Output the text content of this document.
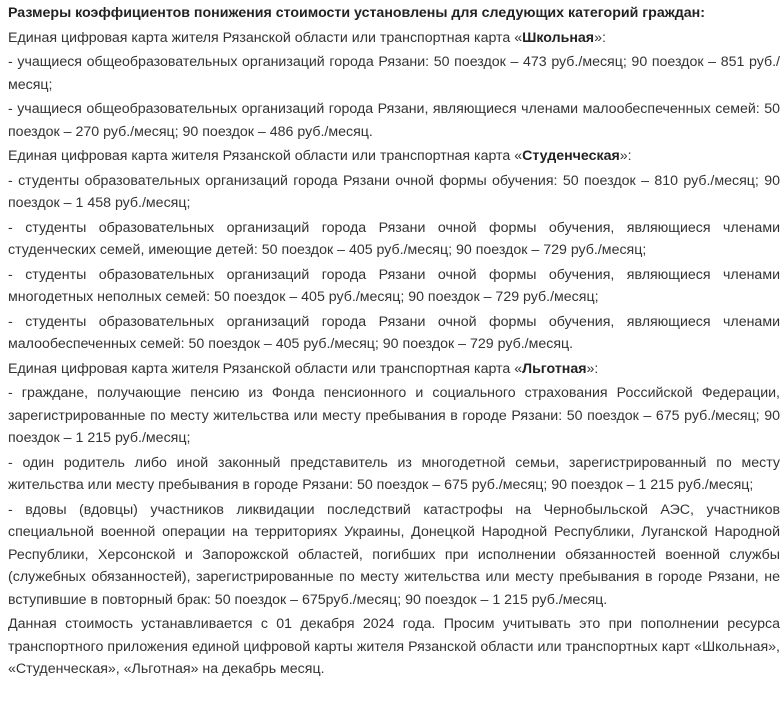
Размеры коэффициентов понижения стоимости установлены для следующих категорий граждан:

Единая цифровая карта жителя Рязанской области или транспортная карта «Школьная»:

- учащиеся общеобразовательных организаций города Рязани: 50 поездок – 473 руб./месяц; 90 поездок – 851 руб./месяц;

- учащиеся общеобразовательных организаций города Рязани, являющиеся членами малообеспеченных семей: 50 поездок – 270 руб./месяц; 90 поездок – 486 руб./месяц.

Единая цифровая карта жителя Рязанской области или транспортная карта «Студенческая»:

- студенты образовательных организаций города Рязани очной формы обучения: 50 поездок – 810 руб./месяц; 90 поездок – 1 458 руб./месяц;

- студенты образовательных организаций города Рязани очной формы обучения, являющиеся членами студенческих семей, имеющие детей: 50 поездок – 405 руб./месяц; 90 поездок – 729 руб./месяц;

- студенты образовательных организаций города Рязани очной формы обучения, являющиеся членами многодетных неполных семей: 50 поездок – 405 руб./месяц; 90 поездок – 729 руб./месяц;

- студенты образовательных организаций города Рязани очной формы обучения, являющиеся членами малообеспеченных семей: 50 поездок – 405 руб./месяц; 90 поездок – 729 руб./месяц.

Единая цифровая карта жителя Рязанской области или транспортная карта «Льготная»:

- граждане, получающие пенсию из Фонда пенсионного и социального страхования Российской Федерации, зарегистрированные по месту жительства или месту пребывания в городе Рязани: 50 поездок – 675 руб./месяц; 90 поездок – 1 215 руб./месяц;

- один родитель либо иной законный представитель из многодетной семьи, зарегистрированный по месту жительства или месту пребывания в городе Рязани: 50 поездок – 675 руб./месяц; 90 поездок – 1 215 руб./месяц;

- вдовы (вдовцы) участников ликвидации последствий катастрофы на Чернобыльской АЭС, участников специальной военной операции на территориях Украины, Донецкой Народной Республики, Луганской Народной Республики, Херсонской и Запорожской областей, погибших при исполнении обязанностей военной службы (служебных обязанностей), зарегистрированные по месту жительства или месту пребывания в городе Рязани, не вступившие в повторный брак: 50 поездок – 675руб./месяц; 90 поездок – 1 215 руб./месяц.

Данная стоимость устанавливается с 01 декабря 2024 года. Просим учитывать это при пополнении ресурса транспортного приложения единой цифровой карты жителя Рязанской области или транспортных карт «Школьная», «Студенческая», «Льготная» на декабрь месяц.
